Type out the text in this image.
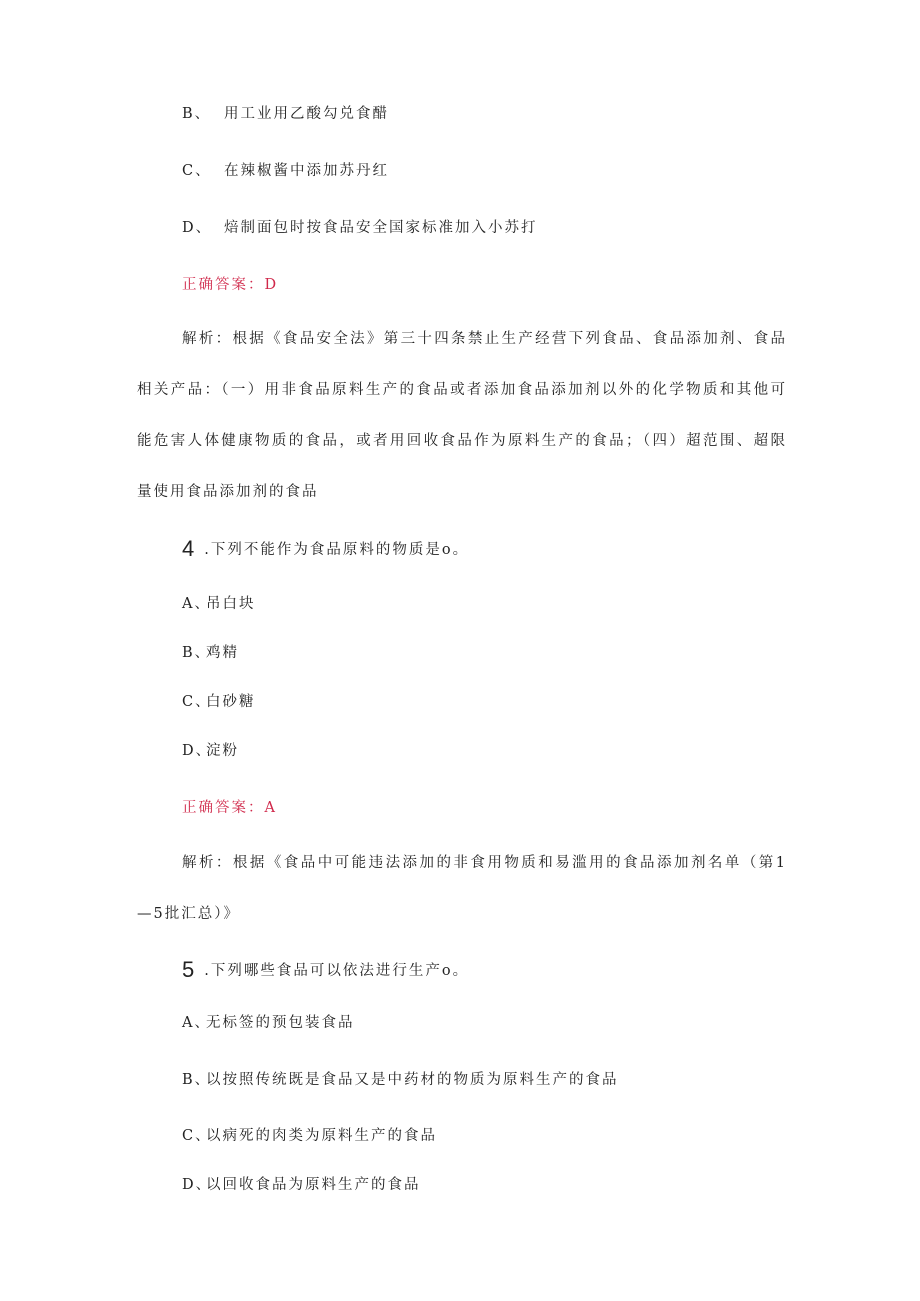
B、 用工业用乙酸勾兑食醋
C、 在辣椒酱中添加苏丹红
D、 焙制面包时按食品安全国家标准加入小苏打
正确答案：D

解析：根据《食品安全法》第三十四条禁止生产经营下列食品、食品添加剂、食品相关产品：（一）用非食品原料生产的食品或者添加食品添加剂以外的化学物质和其他可能危害人体健康物质的食品，或者用回收食品作为原料生产的食品；（四）超范围、超限量使用食品添加剂的食品

4 .下列不能作为食品原料的物质是o。
A、吊白块
B、鸡精
C、白砂糖
D、淀粉
正确答案：A

解析：根据《食品中可能违法添加的非食用物质和易滥用的食品添加剂名单（第1—5批汇总）》

5 .下列哪些食品可以依法进行生产o。
A、无标签的预包装食品
B、以按照传统既是食品又是中药材的物质为原料生产的食品
C、以病死的肉类为原料生产的食品
D、以回收食品为原料生产的食品
